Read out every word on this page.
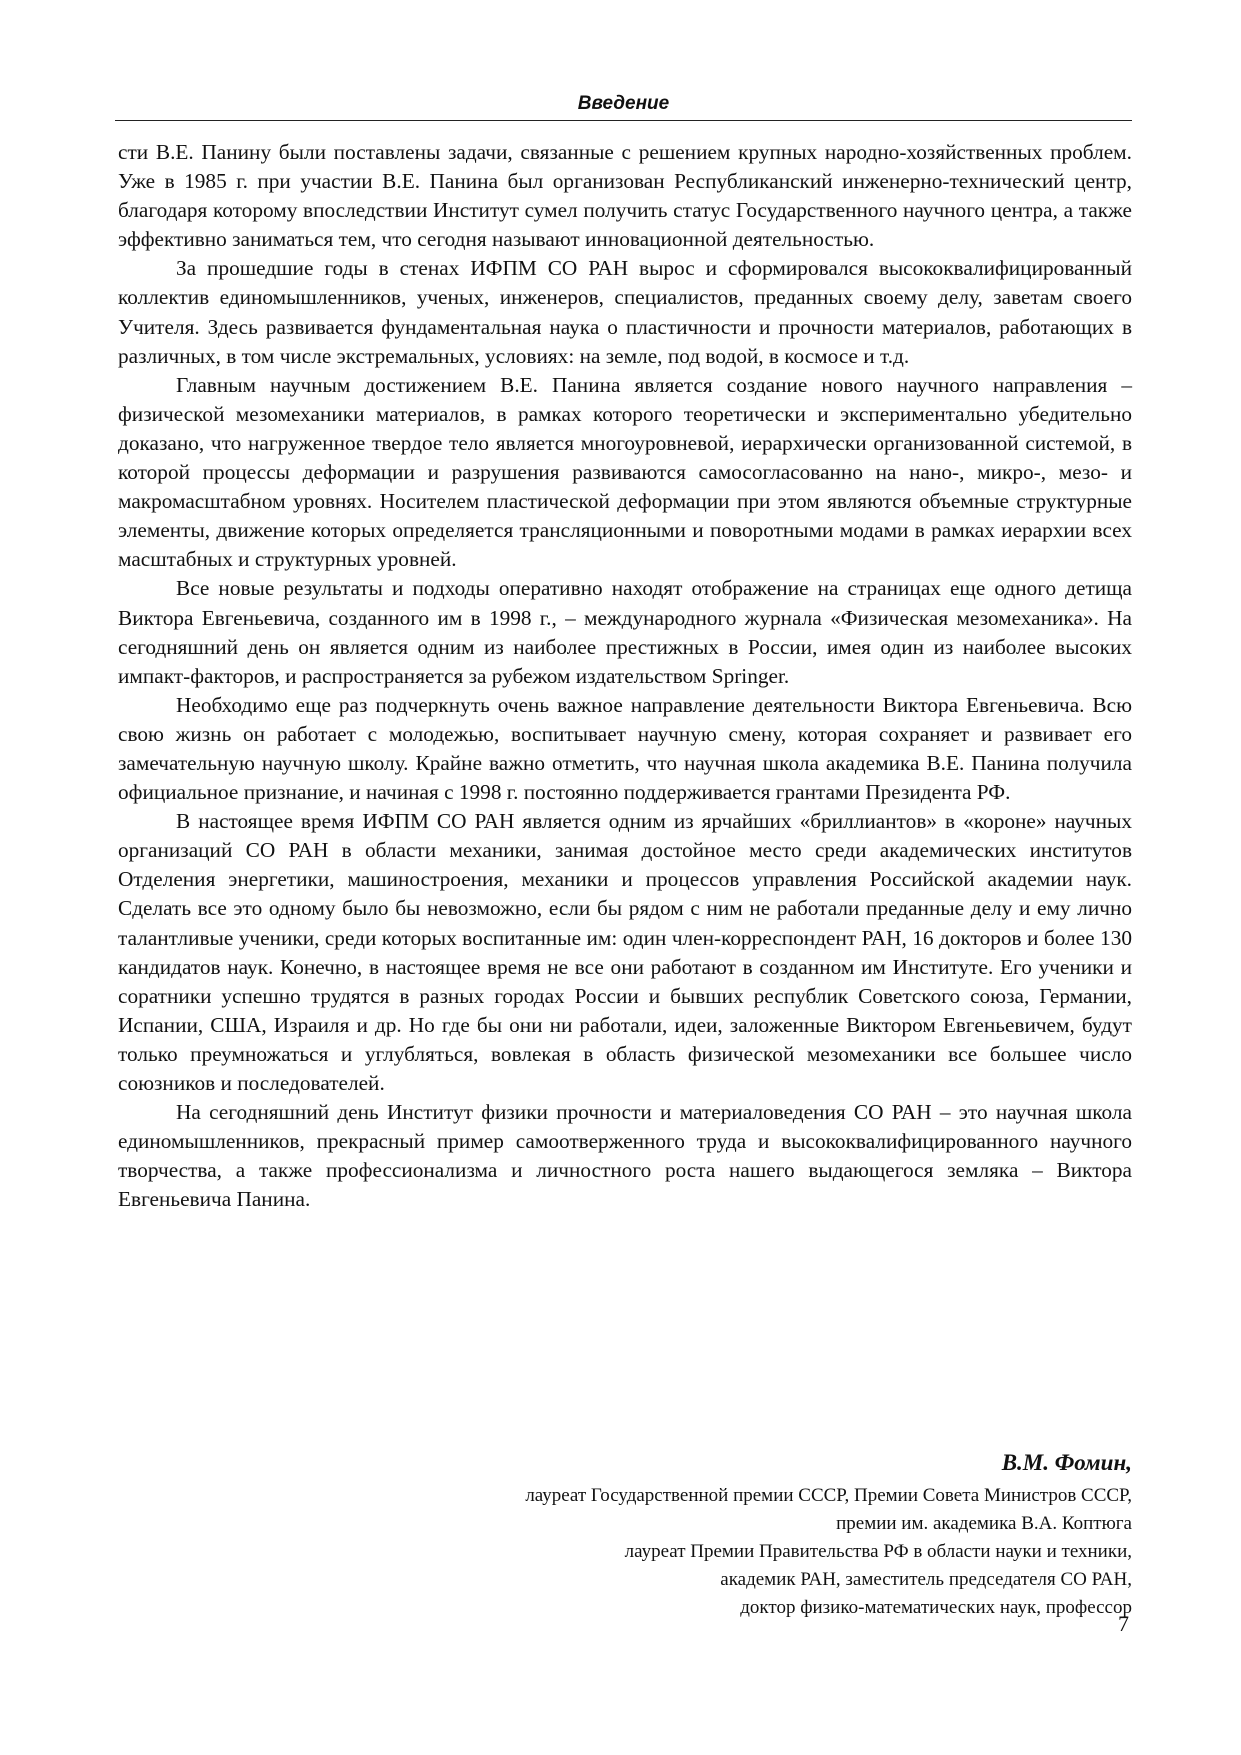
Введение

сти В.Е. Панину были поставлены задачи, связанные с решением крупных народно-хозяйственных проблем. Уже в 1985 г. при участии В.Е. Панина был организован Республиканский инженерно-технический центр, благодаря которому впоследствии Институт сумел получить статус Государственного научного центра, а также эффективно заниматься тем, что сегодня называют инновационной деятельностью.

За прошедшие годы в стенах ИФПМ СО РАН вырос и сформировался высококвалифицированный коллектив единомышленников, ученых, инженеров, специалистов, преданных своему делу, заветам своего Учителя. Здесь развивается фундаментальная наука о пластичности и прочности материалов, работающих в различных, в том числе экстремальных, условиях: на земле, под водой, в космосе и т.д.

Главным научным достижением В.Е. Панина является создание нового научного направления – физической мезомеханики материалов, в рамках которого теоретически и экспериментально убедительно доказано, что нагруженное твердое тело является многоуровневой, иерархически организованной системой, в которой процессы деформации и разрушения развиваются самосогласованно на нано-, микро-, мезо- и макромасштабном уровнях. Носителем пластической деформации при этом являются объемные структурные элементы, движение которых определяется трансляционными и поворотными модами в рамках иерархии всех масштабных и структурных уровней.

Все новые результаты и подходы оперативно находят отображение на страницах еще одного детища Виктора Евгеньевича, созданного им в 1998 г., – международного журнала «Физическая мезомеханика». На сегодняшний день он является одним из наиболее престижных в России, имея один из наиболее высоких импакт-факторов, и распространяется за рубежом издательством Springer.

Необходимо еще раз подчеркнуть очень важное направление деятельности Виктора Евгеньевича. Всю свою жизнь он работает с молодежью, воспитывает научную смену, которая сохраняет и развивает его замечательную научную школу. Крайне важно отметить, что научная школа академика В.Е. Панина получила официальное признание, и начиная с 1998 г. постоянно поддерживается грантами Президента РФ.

В настоящее время ИФПМ СО РАН является одним из ярчайших «бриллиантов» в «короне» научных организаций СО РАН в области механики, занимая достойное место среди академических институтов Отделения энергетики, машиностроения, механики и процессов управления Российской академии наук. Сделать все это одному было бы невозможно, если бы рядом с ним не работали преданные делу и ему лично талантливые ученики, среди которых воспитанные им: один член-корреспондент РАН, 16 докторов и более 130 кандидатов наук. Конечно, в настоящее время не все они работают в созданном им Институте. Его ученики и соратники успешно трудятся в разных городах России и бывших республик Советского союза, Германии, Испании, США, Израиля и др. Но где бы они ни работали, идеи, заложенные Виктором Евгеньевичем, будут только преумножаться и углубляться, вовлекая в область физической мезомеханики все большее число союзников и последователей.

На сегодняшний день Институт физики прочности и материаловедения СО РАН – это научная школа единомышленников, прекрасный пример самоотверженного труда и высококвалифицированного научного творчества, а также профессионализма и личностного роста нашего выдающегося земляка – Виктора Евгеньевича Панина.

В.М. Фомин,
лауреат Государственной премии СССР, Премии Совета Министров СССР,
премии им. академика В.А. Коптюга
лауреат Премии Правительства РФ в области науки и техники,
академик РАН, заместитель председателя СО РАН,
доктор физико-математических наук, профессор
7
